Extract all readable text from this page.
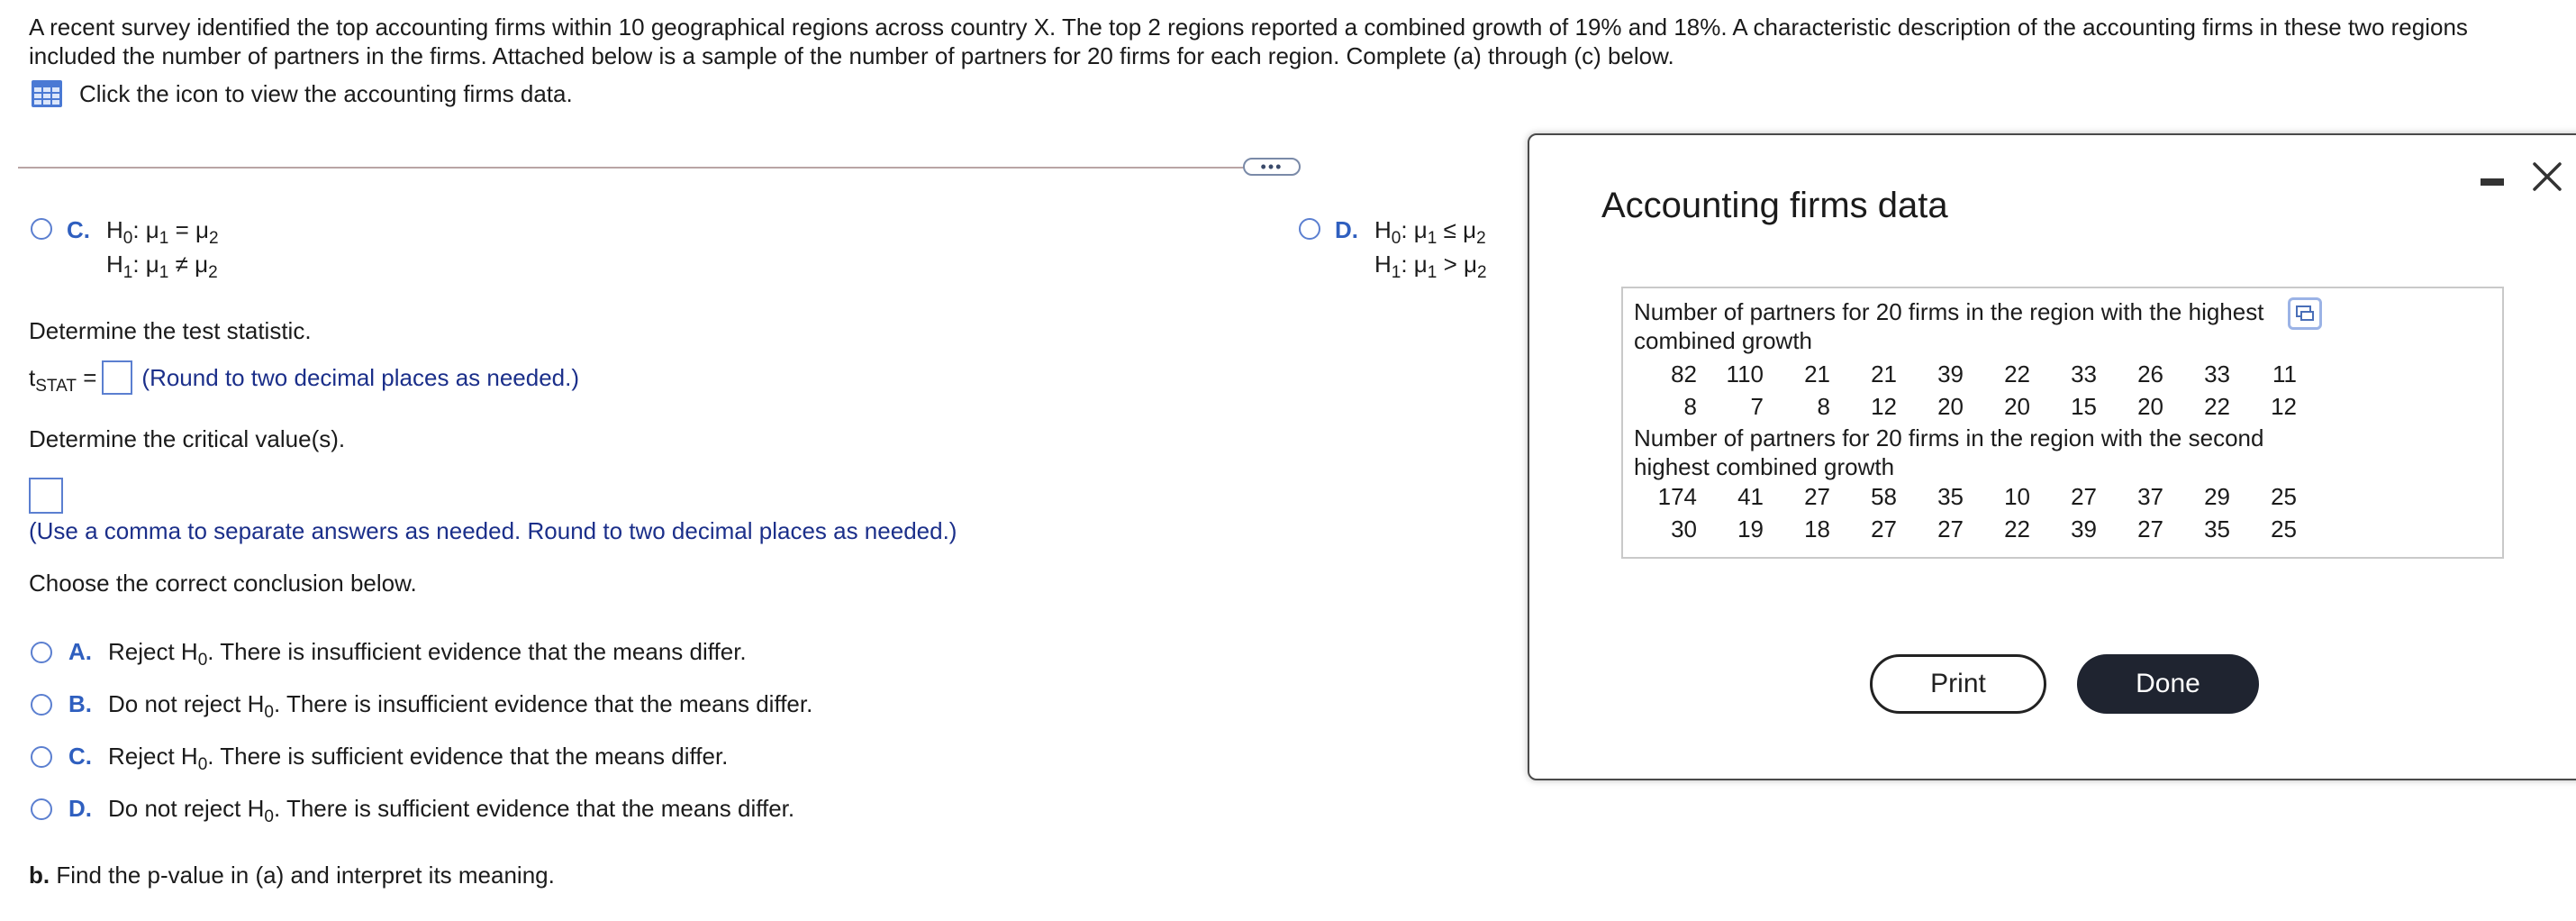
A recent survey identified the top accounting firms within 10 geographical regions across country X. The top 2 regions reported a combined growth of 19% and 18%. A characteristic description of the accounting firms in these two regions included the number of partners in the firms. Attached below is a sample of the number of partners for 20 firms for each region. Complete (a) through (c) below.
Click the icon to view the accounting firms data.
•••
C. $H_0$: $\mu_1 = \mu_2$
$H_1$: $\mu_1 \ne \mu_2$
D. $H_0$: $\mu_1 \le \mu_2$
$H_1$: $\mu_1 > \mu_2$
Determine the test statistic.
$t_{STAT}$ = (Round to two decimal places as needed.)
Determine the critical value(s).
(Use a comma to separate answers as needed. Round to two decimal places as needed.)
Choose the correct conclusion below.
A. Reject $H_0$. There is insufficient evidence that the means differ.
B. Do not reject $H_0$. There is insufficient evidence that the means differ.
C. Reject $H_0$. There is sufficient evidence that the means differ.
D. Do not reject $H_0$. There is sufficient evidence that the means differ.
b. Find the p-value in (a) and interpret its meaning.
Accounting firms data
Number of partners for 20 firms in the region with the highest combined growth
82	110	21	21	39	22	33	26	33	11
8	7	8	12	20	20	15	20	22	12
Number of partners for 20 firms in the region with the second highest combined growth
174	41	27	58	35	10	27	37	29	25
30	19	18	27	27	22	39	27	35	25
Print	Done
